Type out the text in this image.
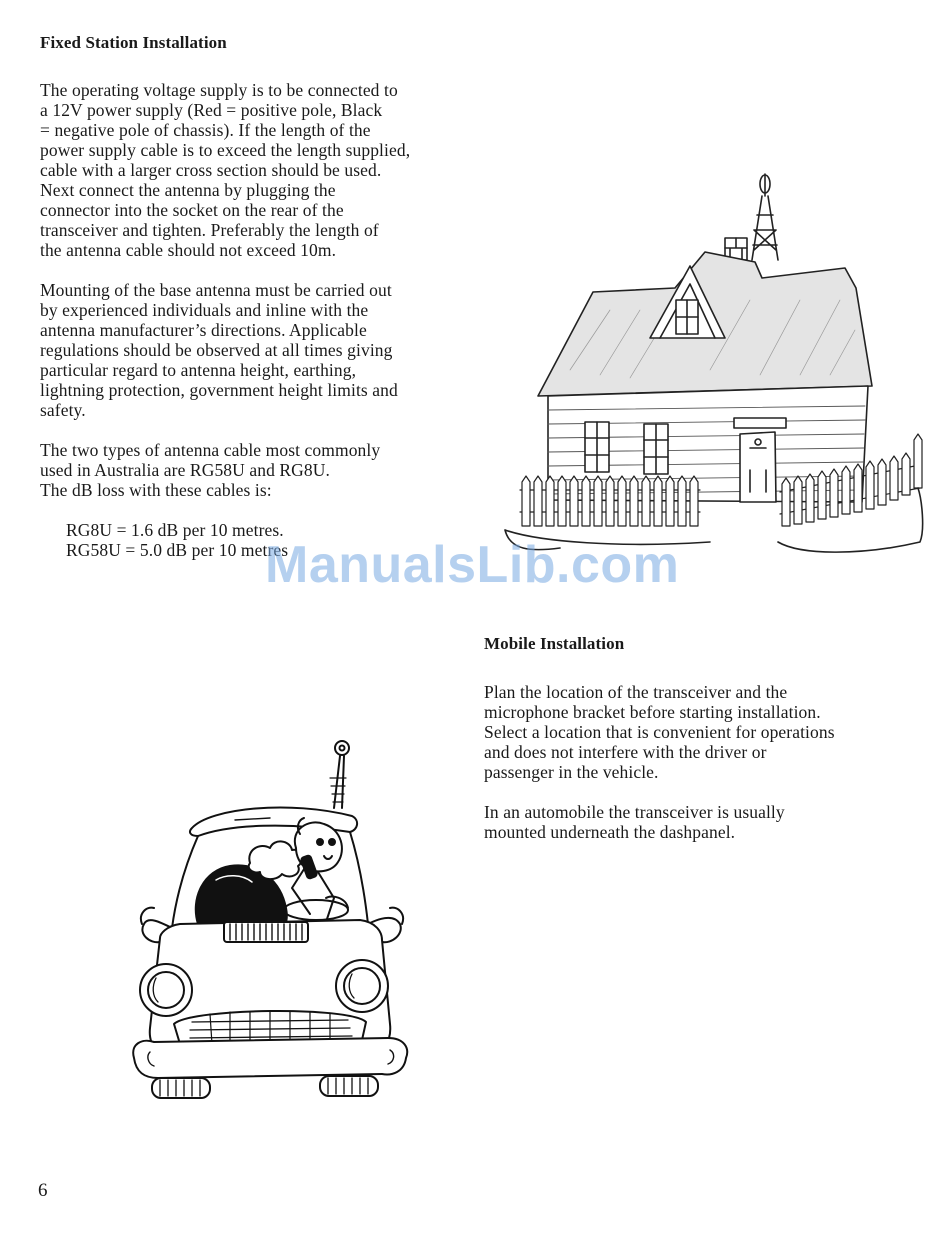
Fixed Station Installation

The operating voltage supply is to be connected to
a 12V power supply (Red = positive pole, Black
= negative pole of chassis). If the length of the
power supply cable is to exceed the length supplied,
cable with a larger cross section should be used.
Next connect the antenna by plugging the
connector into the socket on the rear of the
transceiver and tighten. Preferably the length of
the antenna cable should not exceed 10m.

Mounting of the base antenna must be carried out
by experienced individuals and inline with the
antenna manufacturer’s directions. Applicable
regulations should be observed at all times giving
particular regard to antenna height, earthing,
lightning protection, government height limits and
safety.

The two types of antenna cable most commonly
used in Australia are RG58U and RG8U.
The dB loss with these cables is:

RG8U = 1.6 dB per 10 metres.
RG58U = 5.0 dB per 10 metres

ManualsLib.com
Mobile Installation

Plan the location of the transceiver and the
microphone bracket before starting installation.
Select a location that is convenient for operations
and does not interfere with the driver or
passenger in the vehicle.

In an automobile the transceiver is usually
mounted underneath the dashpanel.

6
